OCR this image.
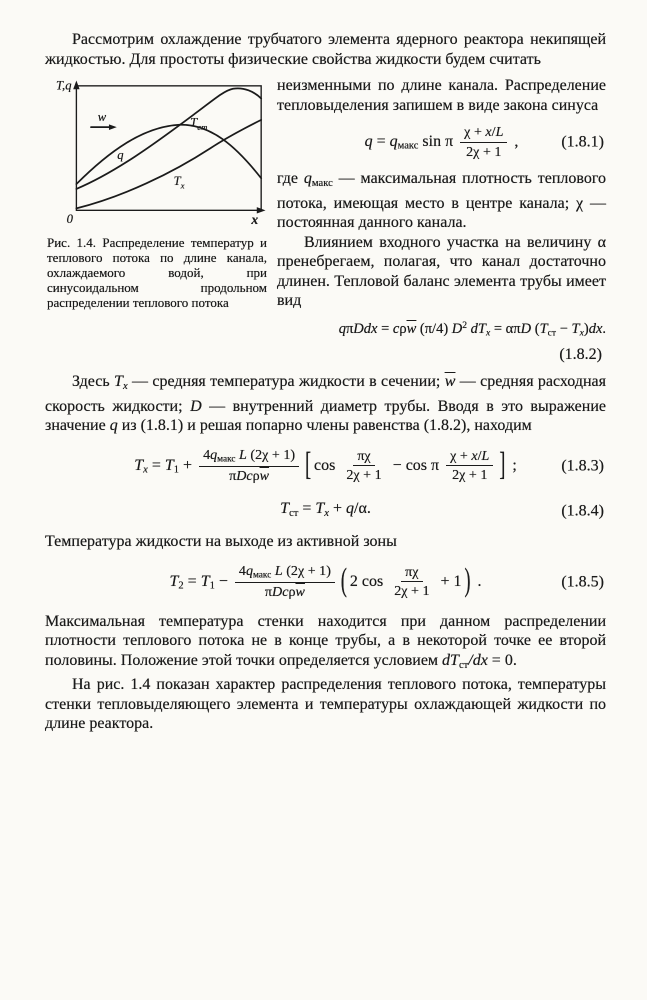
Рассмотрим охлаждение трубчатого элемента ядерного реактора некипящей жидкостью. Для простоты физические свойства жидкости будем считать

T,q
0	x
w
q
$T_{ст}$
$T_x$

Рис. 1.4. Распределение температур и теплового потока по длине канала, охлаждаемого водой, при синусоидальном продольном распределении теплового потока

неизменными по длине канала. Распределение тепловыделения запишем в виде закона синуса

$q = q_{макс}$ sin π $\frac{\chi + x/L}{2\chi + 1}$ ,	(1.8.1)

где $q_{макс}$ — максимальная плотность теплового потока, имеющая место в центре канала; χ — постоянная данного канала.

Влиянием входного участка на величину α пренебрегаем, полагая, что канал достаточно длинен. Тепловой баланс элемента трубы имеет вид

$q\pi Ddx = c\rho\overline{w}$ (π/4) $D^2$ dTx = απD $(T_{ст} - Tx)dx$.
(1.8.2)

Здесь Tx — средняя температура жидкости в сечении; $\overline{w}$ — средняя расходная скорость жидкости; D — внутренний диаметр трубы. Вводя в это выражение значение q из (1.8.1) и решая попарно члены равенства (1.8.2), находим

$Tx = T_1 + \frac{4q_{макс} L (2\chi + 1)}{\pi Dc\rho\overline{w}}$ [ $\cos \frac{\pi\chi}{2\chi + 1} - \cos \pi \frac{\chi + x/L}{2\chi + 1}$ ] ;	(1.8.3)
$T_{ст} = Tx + q/\alpha$.	(1.8.4)

Температура жидкости на выходе из активной зоны

$T_2 = T_1 - \frac{4q_{макс} L (2\chi + 1)}{\pi Dc\rho\overline{w}}$ ( 2 $\cos \frac{\pi\chi}{2\chi + 1} + 1$ ) .	(1.8.5)

Максимальная температура стенки находится при данном распределении плотности теплового потока не в конце трубы, а в некоторой точке ее второй половины. Положение этой точки определяется условием $dT_{ст}/dx = 0$.

На рис. 1.4 показан характер распределения теплового потока, температуры стенки тепловыделяющего элемента и температуры охлаждающей жидкости по длине реактора.
